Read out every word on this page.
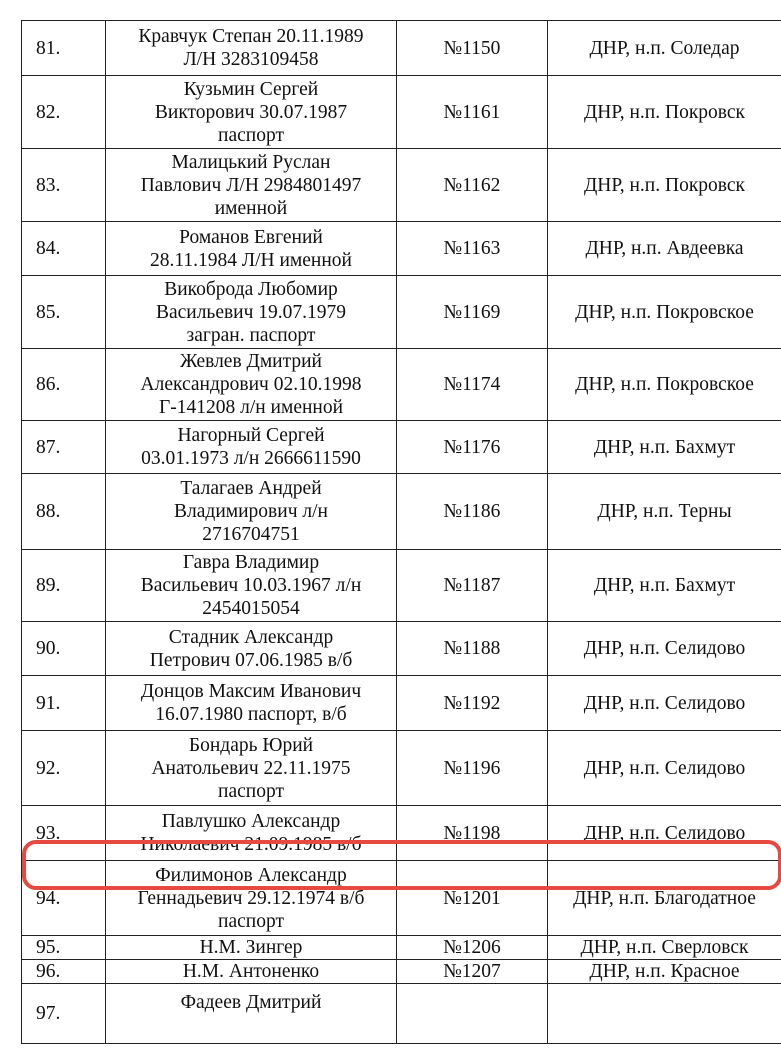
81.	Кравчук Степан 20.11.1989
Л/Н 3283109458	№1150	ДНР, н.п. Соледар
82.	Кузьмин Сергей
Викторович 30.07.1987
паспорт	№1161	ДНР, н.п. Покровск
83.	Малицький Руслан
Павлович Л/Н 2984801497
именной	№1162	ДНР, н.п. Покровск
84.	Романов Евгений
28.11.1984 Л/Н именной	№1163	ДНР, н.п. Авдеевка
85.	Викоброда Любомир
Васильевич 19.07.1979
загран. паспорт	№1169	ДНР, н.п. Покровское
86.	Жевлев Дмитрий
Александрович 02.10.1998
Г-141208 л/н именной	№1174	ДНР, н.п. Покровское
87.	Нагорный Сергей
03.01.1973 л/н 2666611590	№1176	ДНР, н.п. Бахмут
88.	Талагаев Андрей
Владимирович л/н
2716704751	№1186	ДНР, н.п. Терны
89.	Гавра Владимир
Васильевич 10.03.1967 л/н
2454015054	№1187	ДНР, н.п. Бахмут
90.	Стадник Александр
Петрович 07.06.1985 в/б	№1188	ДНР, н.п. Селидово
91.	Донцов Максим Иванович
16.07.1980 паспорт, в/б	№1192	ДНР, н.п. Селидово
92.	Бондарь Юрий
Анатольевич 22.11.1975
паспорт	№1196	ДНР, н.п. Селидово
93.	Павлушко Александр
Николаевич 21.09.1985 в/б	№1198	ДНР, н.п. Селидово
94.	Филимонов Александр
Геннадьевич 29.12.1974 в/б
паспорт	№1201	ДНР, н.п. Благодатное
95.	Н.М. Зингер	№1206	ДНР, н.п. Сверловск
96.	Н.М. Антоненко	№1207	ДНР, н.п. Красное
97.	Фадеев Дмитрий		
